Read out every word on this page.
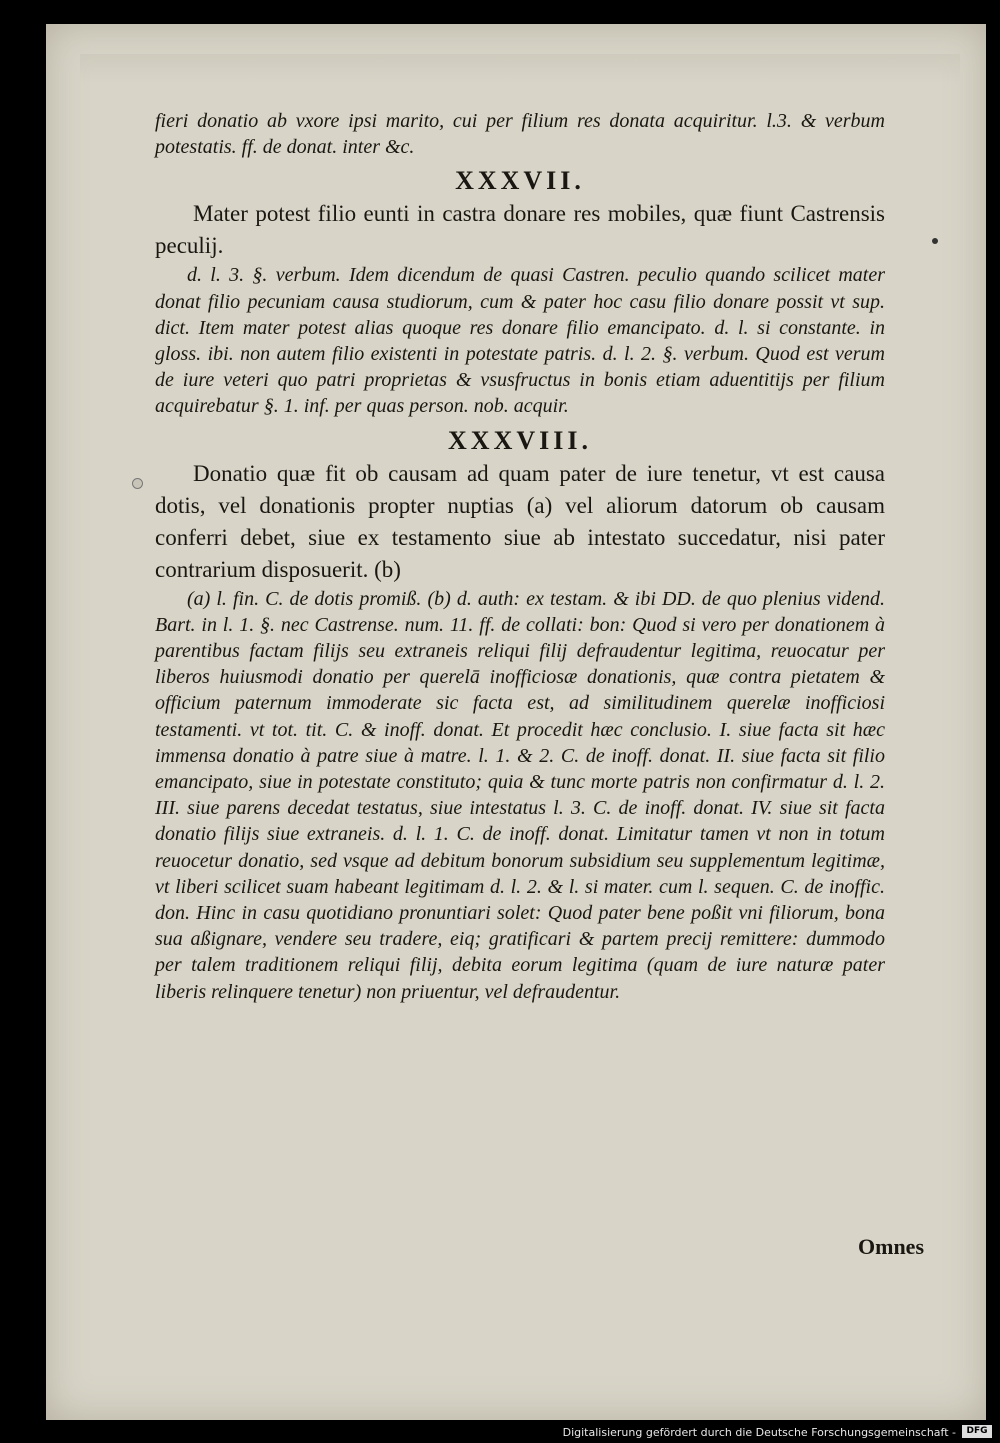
fieri donatio ab vxore ipsi marito, cui per filium res donata acquiritur. l.3. & verbum potestatis. ff. de donat. inter &c.

XXXVII.

Mater potest filio eunti in castra donare res mobiles, quæ fiunt Castrensis peculij.

d. l. 3. §. verbum. Idem dicendum de quasi Castren. peculio quando scilicet mater donat filio pecuniam causa studiorum, cum & pater hoc casu filio donare possit vt sup. dict. Item mater potest alias quoque res donare filio emancipato. d. l. si constante. in gloss. ibi. non autem filio existenti in potestate patris. d. l. 2. §. verbum. Quod est verum de iure veteri quo patri proprietas & vsusfructus in bonis etiam aduentitijs per filium acquirebatur §. 1. inf. per quas person. nob. acquir.

XXXVIII.

Donatio quæ fit ob causam ad quam pater de iure tenetur, vt est causa dotis, vel donationis propter nuptias (a) vel aliorum datorum ob causam conferri debet, siue ex testamento siue ab intestato succedatur, nisi pater contrarium disposuerit. (b)

(a) l. fin. C. de dotis promiß. (b) d. auth: ex testam. & ibi DD. de quo plenius vidend. Bart. in l. 1. §. nec Castrense. num. 11. ff. de collati: bon: Quod si vero per donationem à parentibus factam filijs seu extraneis reliqui filij defraudentur legitima, reuocatur per liberos huiusmodi donatio per querelā inofficiosæ donationis, quæ contra pietatem & officium paternum immoderate sic facta est, ad similitudinem querelæ inofficiosi testamenti. vt tot. tit. C. & inoff. donat. Et procedit hæc conclusio. I. siue facta sit hæc immensa donatio à patre siue à matre. l. 1. & 2. C. de inoff. donat. II. siue facta sit filio emancipato, siue in potestate constituto; quia & tunc morte patris non confirmatur d. l. 2. III. siue parens decedat testatus, siue intestatus l. 3. C. de inoff. donat. IV. siue sit facta donatio filijs siue extraneis. d. l. 1. C. de inoff. donat. Limitatur tamen vt non in totum reuocetur donatio, sed vsque ad debitum bonorum subsidium seu supplementum legitimæ, vt liberi scilicet suam habeant legitimam d. l. 2. & l. si mater. cum l. sequen. C. de inoffic. don. Hinc in casu quotidiano pronuntiari solet: Quod pater bene poßit vni filiorum, bona sua aßignare, vendere seu tradere, eiq; gratificari & partem precij remittere: dummodo per talem traditionem reliqui filij, debita eorum legitima (quam de iure naturæ pater liberis relinquere tenetur) non priuentur, vel defraudentur.

Omnes
Digitalisierung gefördert durch die Deutsche Forschungsgemeinschaft -	DFG
